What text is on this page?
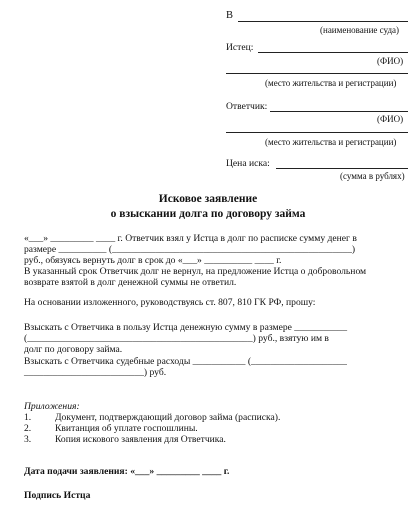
В
(наименование суда)
Истец:
(ФИО)
(место жительства и регистрации)
Ответчик:
(ФИО)
(место жительства и регистрации)
Цена иска:
(сумма в рублях)
Исковое заявление
о взыскании долга по договору займа
«___» _________ ____ г. Ответчик взял у Истца в долг по расписке сумму денег в
размере __________ (__________________________________________________)
руб., обязуясь вернуть долг в срок до «___» __________ ____ г.
В указанный срок Ответчик долг не вернул, на предложение Истца о добровольном
возврате взятой в долг денежной суммы не ответил.
На основании изложенного, руководствуясь ст. 807, 810 ГК РФ, прошу:
Взыскать с Ответчика в пользу Истца денежную сумму в размере ___________
(_______________________________________________) руб., взятую им в
долг по договору займа.
Взыскать с Ответчика судебные расходы ___________ (____________________
_________________________) руб.
Приложения:
1. Документ, подтверждающий договор займа (расписка).
2. Квитанция об уплате госпошлины.
3. Копия искового заявления для Ответчика.
Дата подачи заявления: «___» _________ ____ г.
Подпись Истца
